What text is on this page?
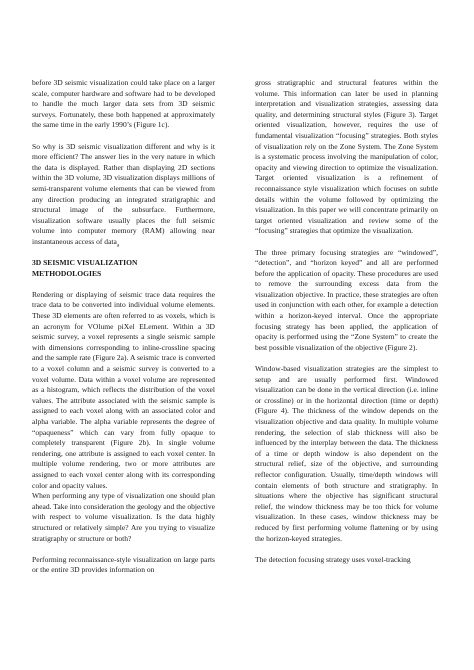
before 3D seismic visualization could take place on a larger scale, computer hardware and software had to be developed to handle the much larger data sets from 3D seismic surveys. Fortunately, these both happened at approximately the same time in the early 1990’s (Figure 1c).

So why is 3D seismic visualization different and why is it more efficient? The answer lies in the very nature in which the data is displayed. Rather than displaying 2D sections within the 3D volume, 3D visualization displays millions of semi-transparent volume elements that can be viewed from any direction producing an integrated stratigraphic and structural image of the subsurface. Furthermore, visualization software usually places the full seismic volume into computer memory (RAM) allowing near instantaneous access of data$_a$

3D SEISMIC VISUALIZATION
METHODOLOGIES

Rendering or displaying of seismic trace data requires the trace data to be converted into individual volume elements. These 3D elements are often referred to as voxels, which is an acronym for VOlume piXel ELement. Within a 3D seismic survey, a voxel represents a single seismic sample with dimensions corresponding to inline-crossline spacing and the sample rate (Figure 2a). A seismic trace is converted to a voxel column and a seismic survey is converted to a voxel volume. Data within a voxel volume are represented as a histogram, which reflects the distribution of the voxel values. The attribute associated with the seismic sample is assigned to each voxel along with an associated color and alpha variable. The alpha variable represents the degree of “opaqueness” which can vary from fully opaque to completely transparent (Figure 2b). In single volume rendering, one attribute is assigned to each voxel center. In multiple volume rendering, two or more attributes are assigned to each voxel center along with its corresponding color and opacity values.

When performing any type of visualization one should plan ahead. Take into consideration the geology and the objective with respect to volume visualization. Is the data highly structured or relatively simple? Are you trying to visualize stratigraphy or structure or both?

Performing reconnaissance-style visualization on large parts or the entire 3D provides information on

gross stratigraphic and structural features within the volume. This information can later be used in planning interpretation and visualization strategies, assessing data quality, and determining structural styles (Figure 3). Target oriented visualization, however, requires the use of fundamental visualization “focusing” strategies. Both styles of visualization rely on the Zone System. The Zone System is a systematic process involving the manipulation of color, opacity and viewing direction to optimize the visualization. Target oriented visualization is a refinement of reconnaissance style visualization which focuses on subtle details within the volume followed by optimizing the visualization. In this paper we will concentrate primarily on target oriented visualization and review some of the “focusing” strategies that optimize the visualization.

The three primary focusing strategies are “windowed”, “detection”, and “horizon keyed” and all are performed before the application of opacity. These procedures are used to remove the surrounding excess data from the visualization objective. In practice, these strategies are often used in conjunction with each other, for example a detection within a horizon-keyed interval. Once the appropriate focusing strategy has been applied, the application of opacity is performed using the “Zone System” to create the best possible visualization of the objective (Figure 2).

Window-based visualization strategies are the simplest to setup and are usually performed first. Windowed visualization can be done in the vertical direction (i.e. inline or crossline) or in the horizontal direction (time or depth) (Figure 4). The thickness of the window depends on the visualization objective and data quality. In multiple volume rendering, the selection of slab thickness will also be influenced by the interplay between the data. The thickness of a time or depth window is also dependent on the structural relief, size of the objective, and surrounding reflector configuration. Usually, time/depth windows will contain elements of both structure and stratigraphy. In situations where the objective has significant structural relief, the window thickness may be too thick for volume visualization. In these cases, window thickness may be reduced by first performing volume flattening or by using the horizon-keyed strategies.

The detection focusing strategy uses voxel-tracking
